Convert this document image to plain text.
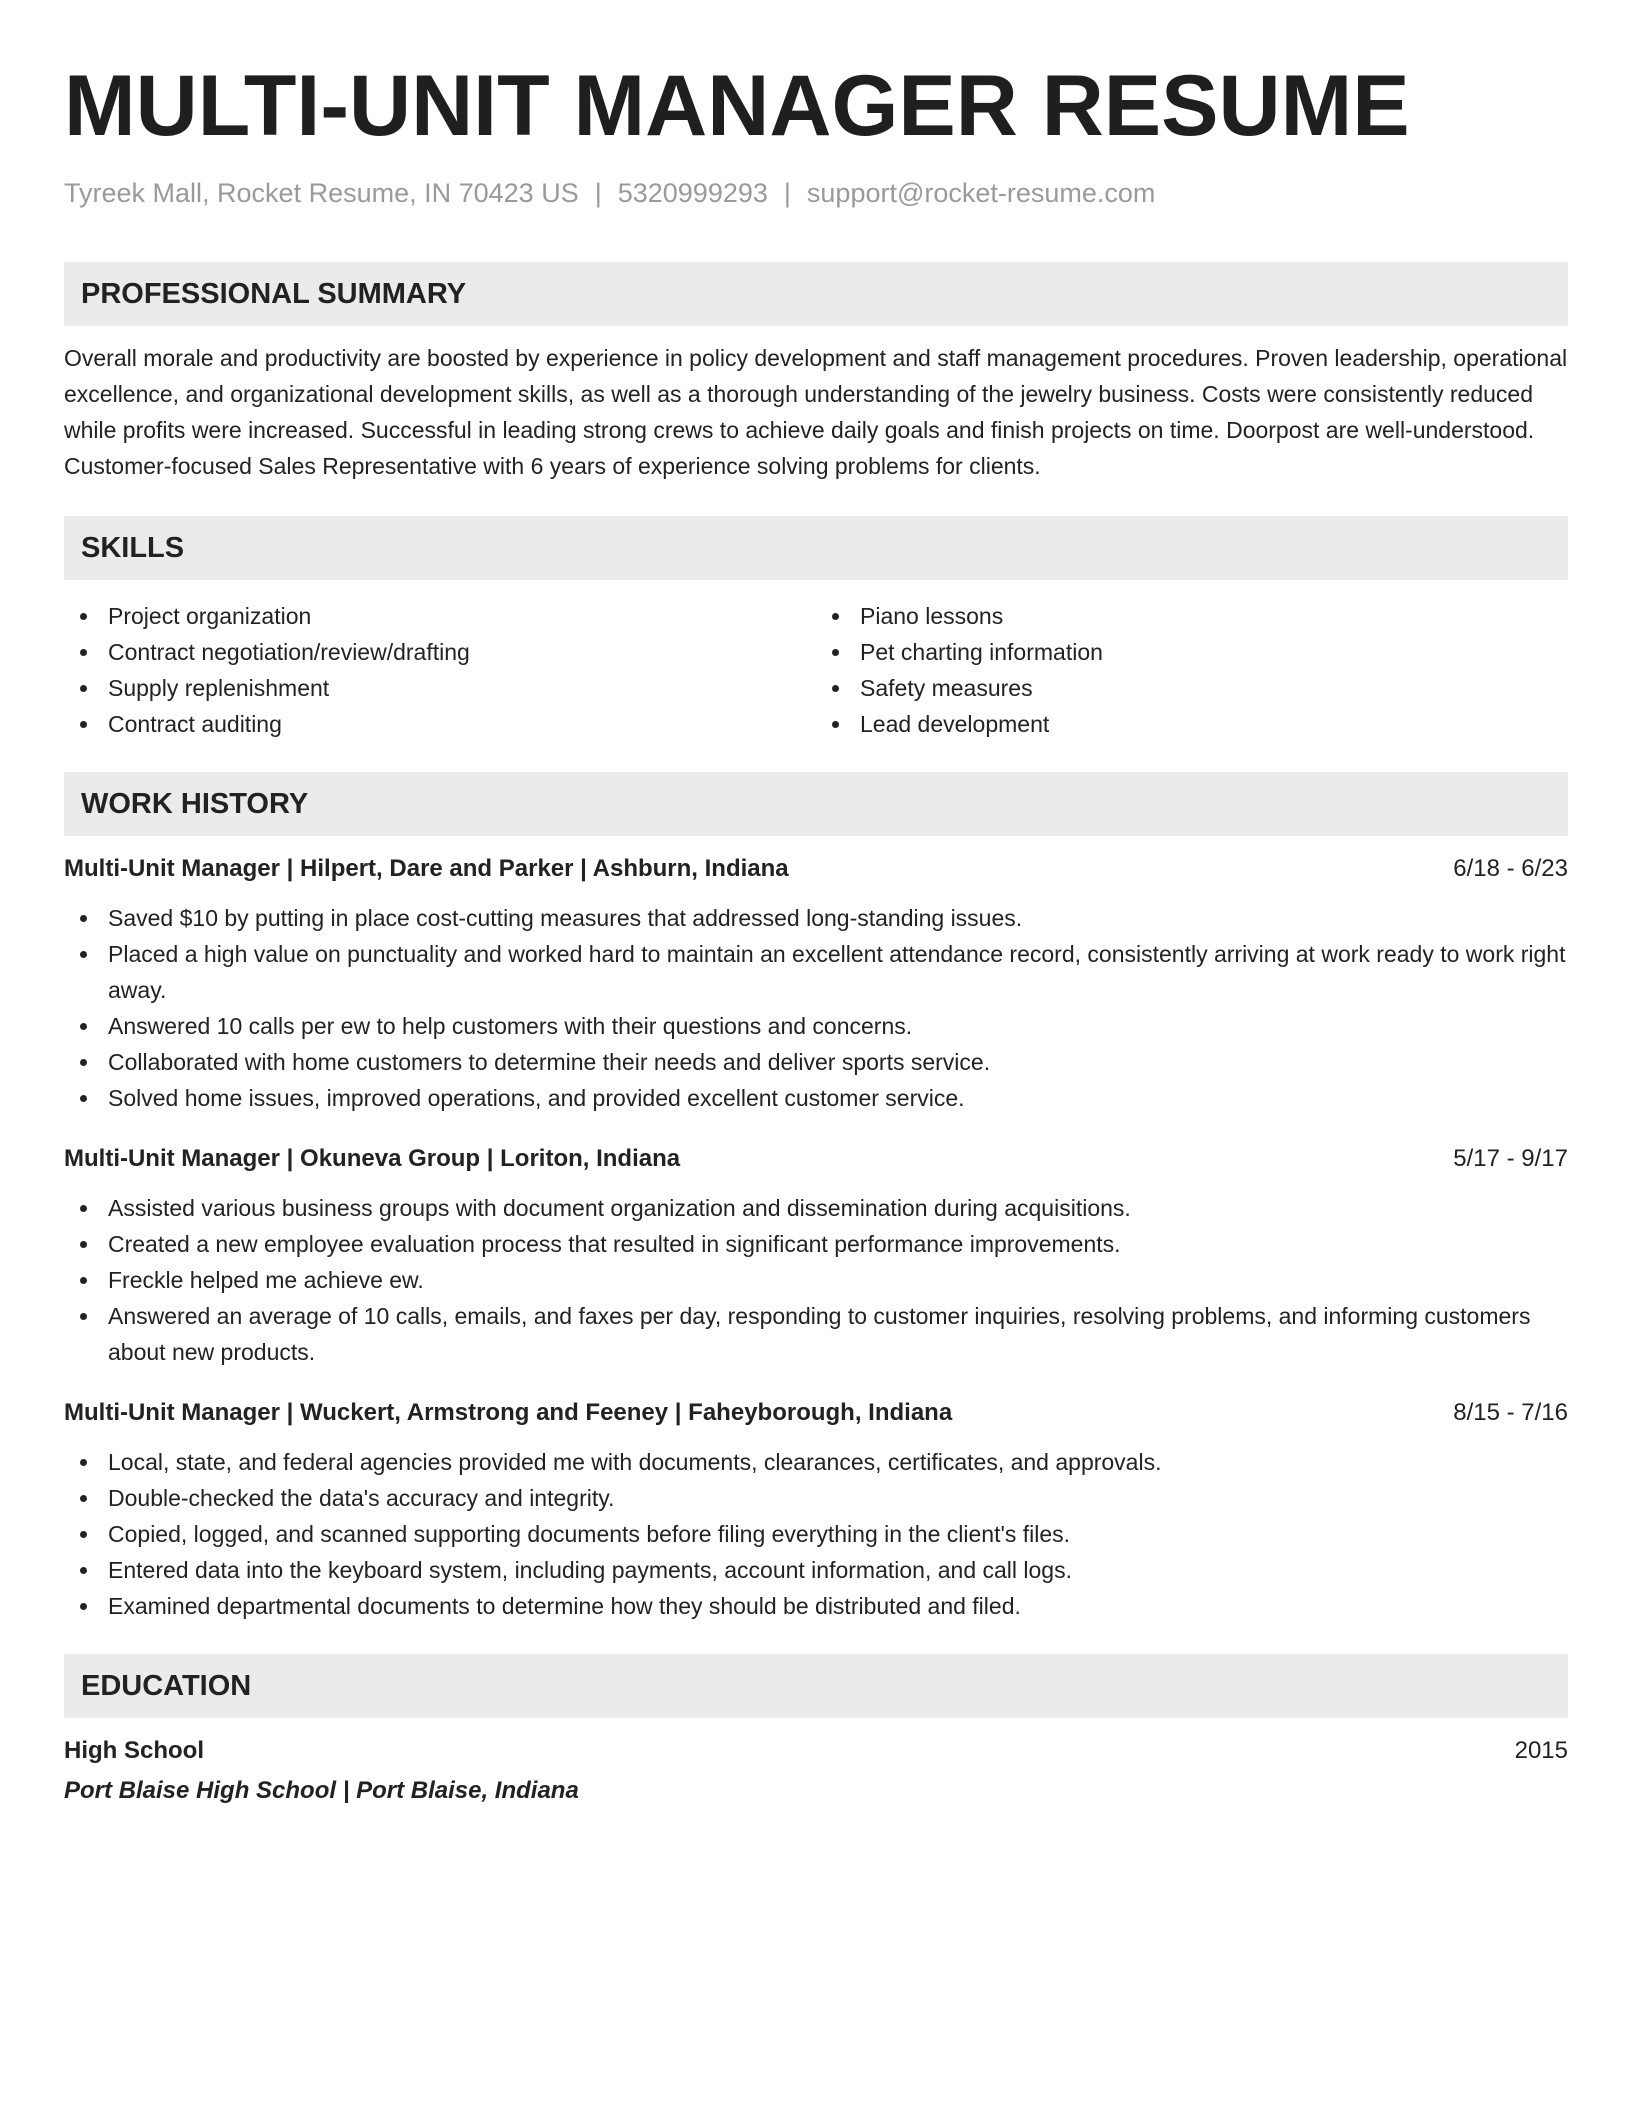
MULTI-UNIT MANAGER RESUME
Tyreek Mall, Rocket Resume, IN 70423 US | 5320999293 | support@rocket-resume.com
PROFESSIONAL SUMMARY

Overall morale and productivity are boosted by experience in policy development and staff management procedures. Proven leadership, operational excellence, and organizational development skills, as well as a thorough understanding of the jewelry business. Costs were consistently reduced while profits were increased. Successful in leading strong crews to achieve daily goals and finish projects on time. Doorpost are well-understood. Customer-focused Sales Representative with 6 years of experience solving problems for clients.

SKILLS
Project organization
Contract negotiation/review/drafting
Supply replenishment
Contract auditing
Piano lessons
Pet charting information
Safety measures
Lead development
WORK HISTORY
Multi-Unit Manager | Hilpert, Dare and Parker | Ashburn, Indiana	6/18 - 6/23
Saved $10 by putting in place cost-cutting measures that addressed long-standing issues.
Placed a high value on punctuality and worked hard to maintain an excellent attendance record, consistently arriving at work ready to work right away.
Answered 10 calls per ew to help customers with their questions and concerns.
Collaborated with home customers to determine their needs and deliver sports service.
Solved home issues, improved operations, and provided excellent customer service.
Multi-Unit Manager | Okuneva Group | Loriton, Indiana	5/17 - 9/17
Assisted various business groups with document organization and dissemination during acquisitions.
Created a new employee evaluation process that resulted in significant performance improvements.
Freckle helped me achieve ew.
Answered an average of 10 calls, emails, and faxes per day, responding to customer inquiries, resolving problems, and informing customers about new products.
Multi-Unit Manager | Wuckert, Armstrong and Feeney | Faheyborough, Indiana	8/15 - 7/16
Local, state, and federal agencies provided me with documents, clearances, certificates, and approvals.
Double-checked the data's accuracy and integrity.
Copied, logged, and scanned supporting documents before filing everything in the client's files.
Entered data into the keyboard system, including payments, account information, and call logs.
Examined departmental documents to determine how they should be distributed and filed.
EDUCATION
High School	2015
Port Blaise High School | Port Blaise, Indiana
